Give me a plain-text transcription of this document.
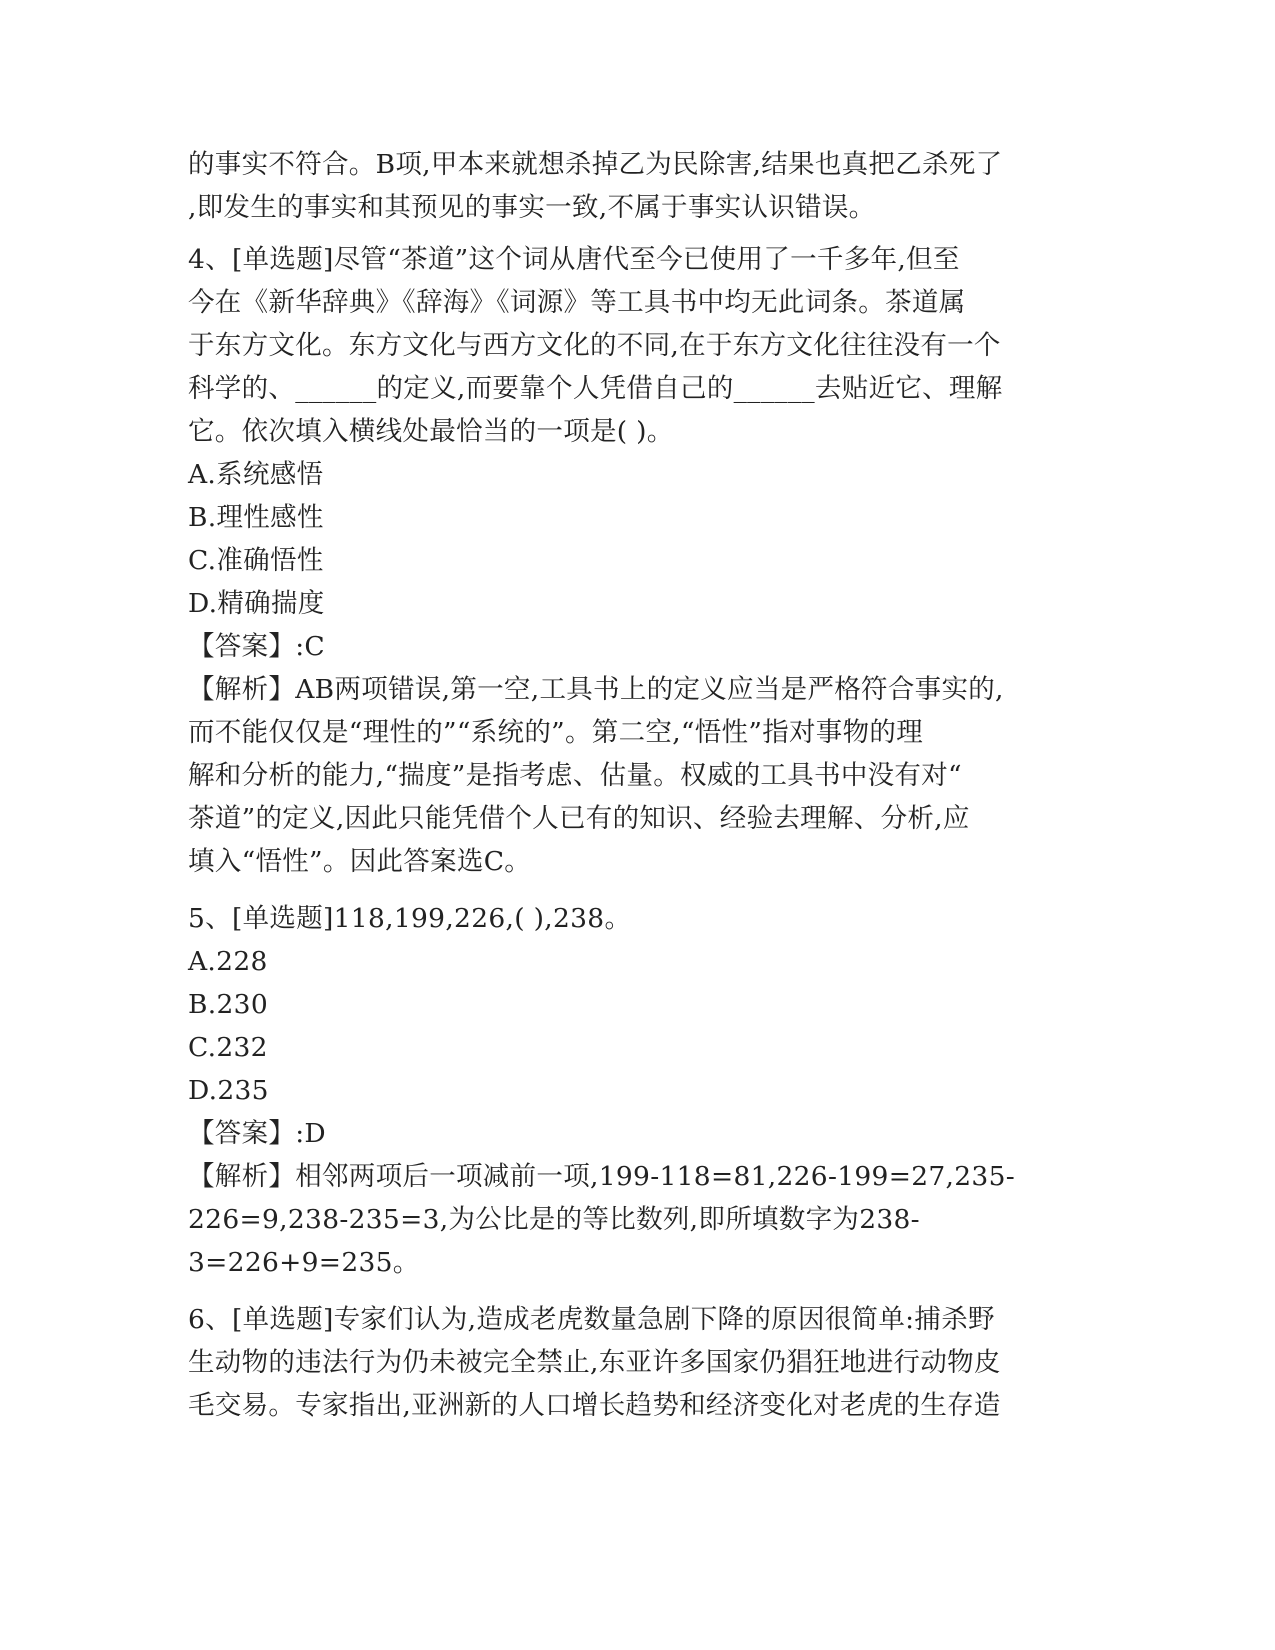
的事实不符合。B项,甲本来就想杀掉乙为民除害,结果也真把乙杀死了
,即发生的事实和其预见的事实一致,不属于事实认识错误。
4、[单选题]尽管“茶道”这个词从唐代至今已使用了一千多年,但至
今在《新华辞典》《辞海》《词源》等工具书中均无此词条。茶道属
于东方文化。东方文化与西方文化的不同,在于东方文化往往没有一个
科学的、______的定义,而要靠个人凭借自己的______去贴近它、理解
它。依次填入横线处最恰当的一项是( )。
A.系统感悟
B.理性感性
C.准确悟性
D.精确揣度
【答案】:C
【解析】AB两项错误,第一空,工具书上的定义应当是严格符合事实的,
而不能仅仅是“理性的”“系统的”。第二空,“悟性”指对事物的理
解和分析的能力,“揣度”是指考虑、估量。权威的工具书中没有对“
茶道”的定义,因此只能凭借个人已有的知识、经验去理解、分析,应
填入“悟性”。因此答案选C。
5、[单选题]118,199,226,( ),238。
A.228
B.230
C.232
D.235
【答案】:D
【解析】相邻两项后一项减前一项,199-118=81,226-199=27,235-
226=9,238-235=3,为公比是的等比数列,即所填数字为238-
3=226+9=235。
6、[单选题]专家们认为,造成老虎数量急剧下降的原因很简单:捕杀野
生动物的违法行为仍未被完全禁止,东亚许多国家仍猖狂地进行动物皮
毛交易。专家指出,亚洲新的人口增长趋势和经济变化对老虎的生存造
